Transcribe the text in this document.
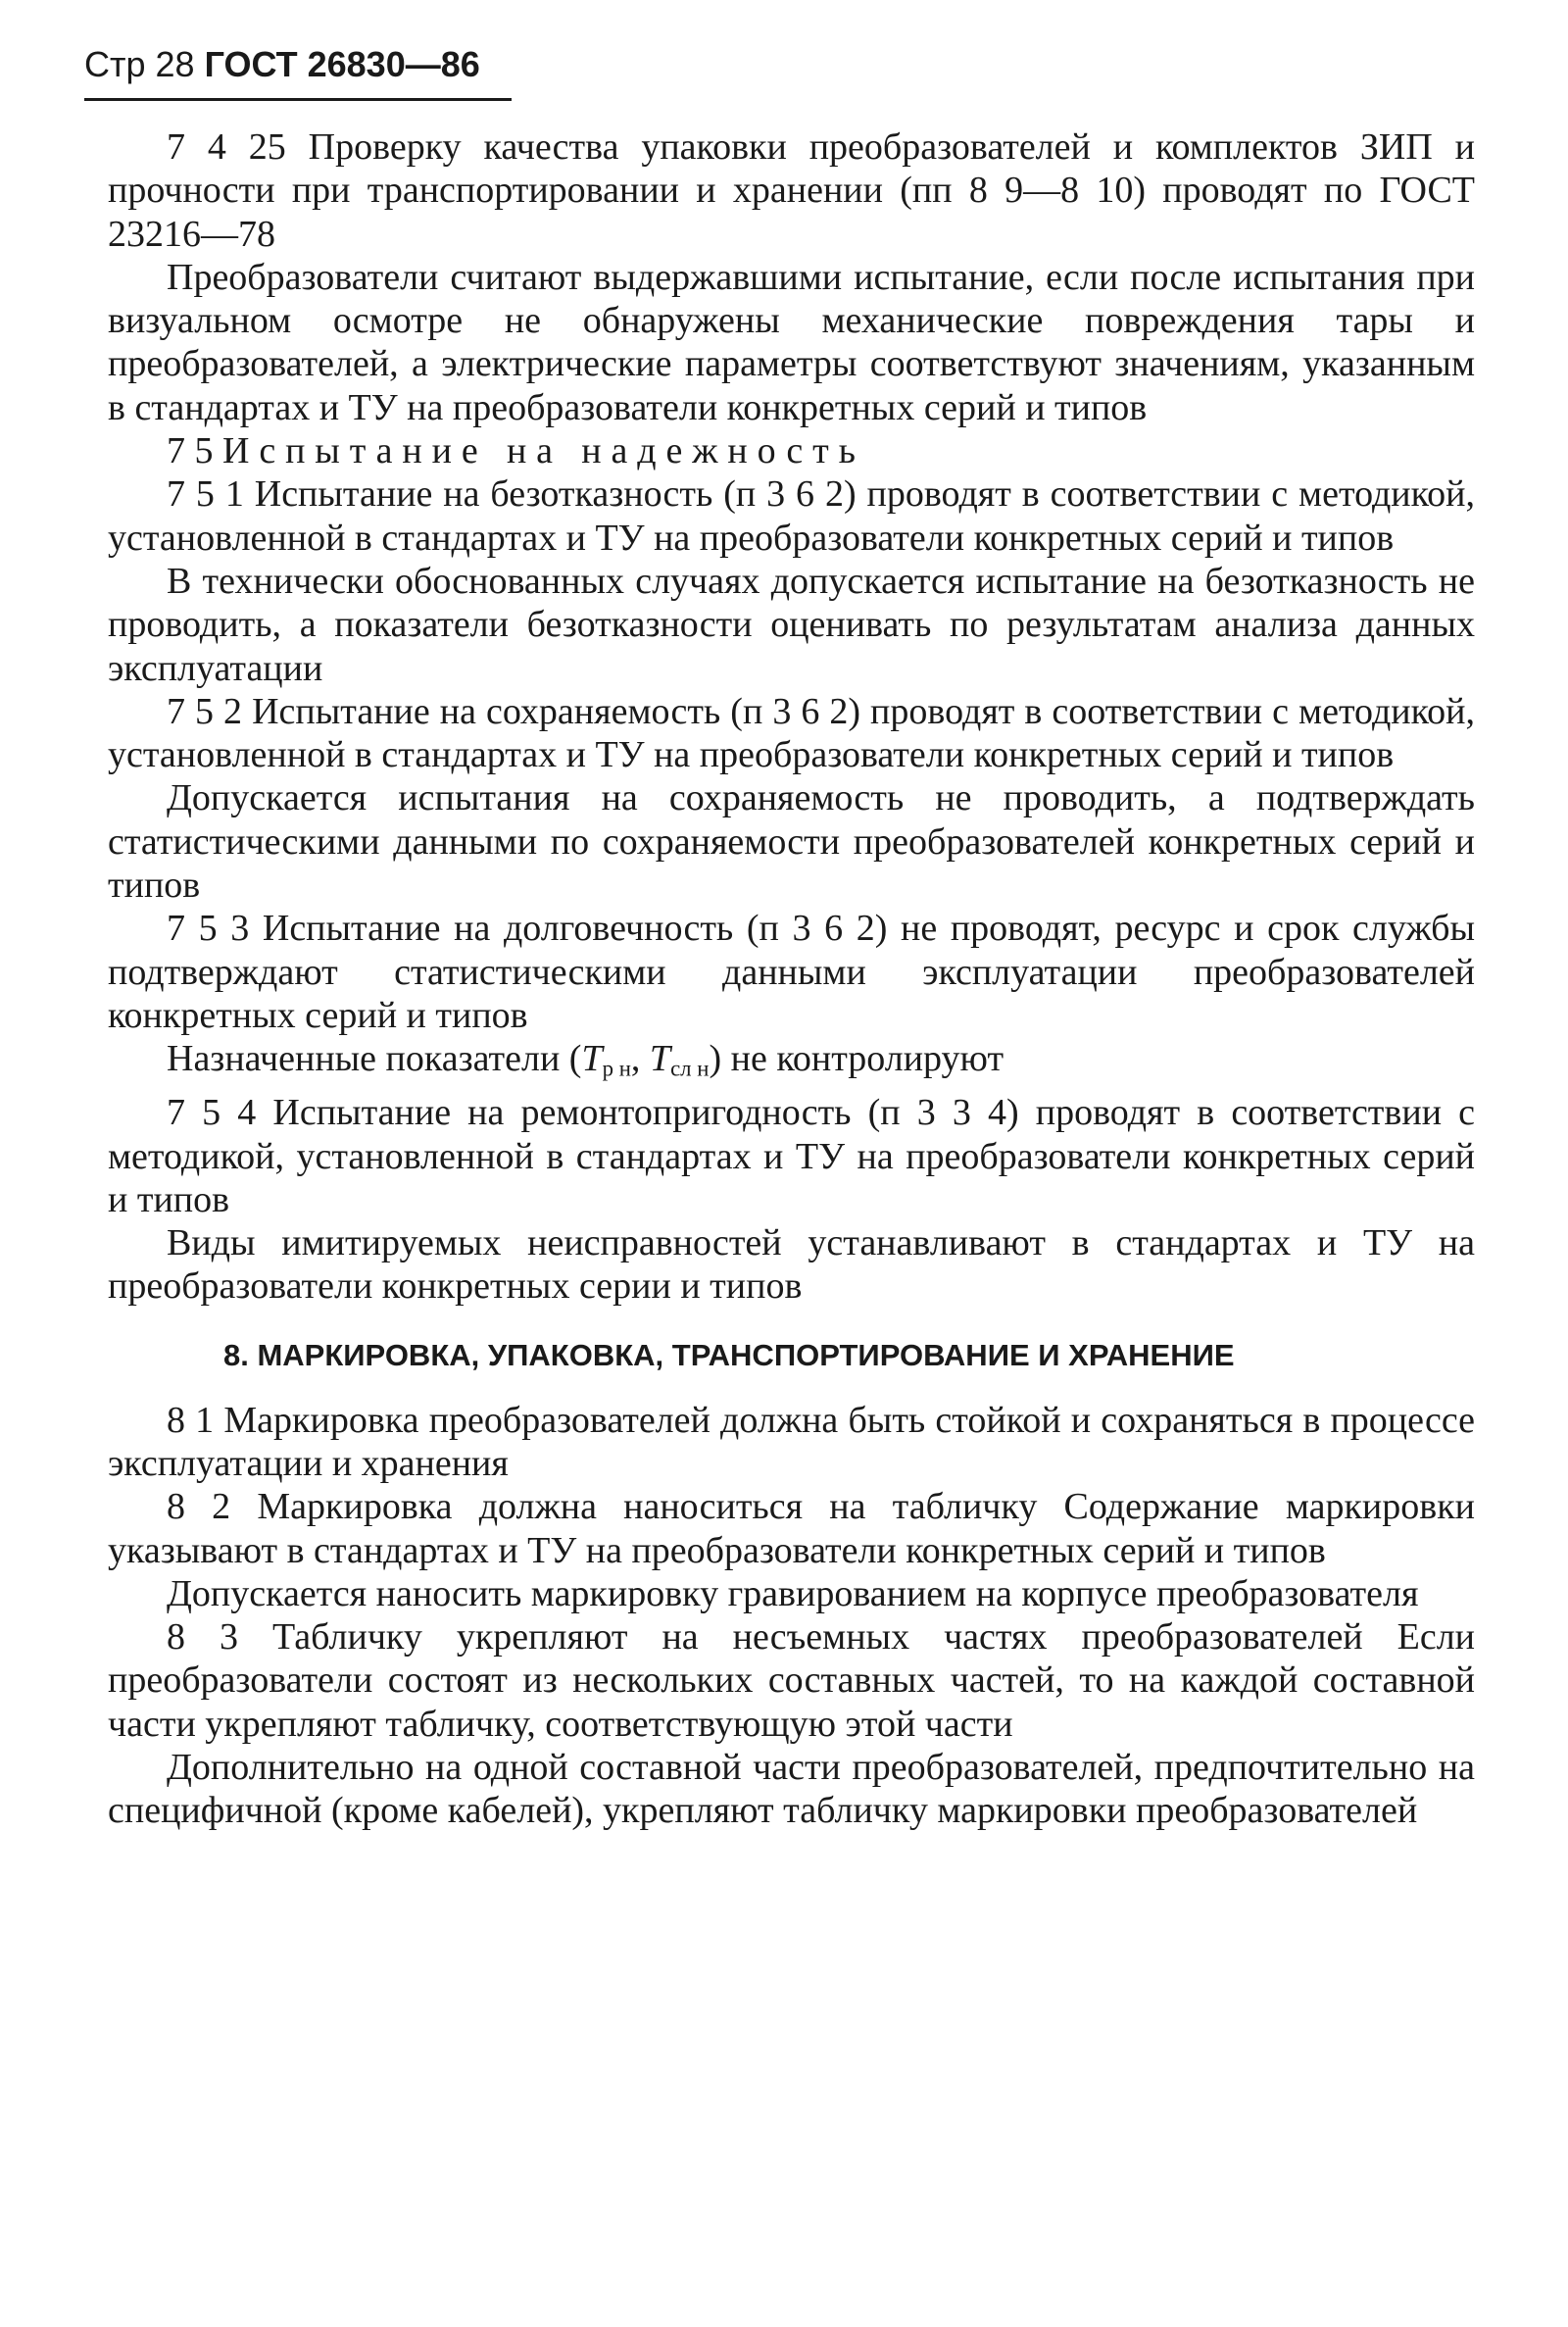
Стр 28 ГОСТ 26830—86

7 4 25 Проверку качества упаковки преобразователей и комплектов ЗИП и прочности при транспортировании и хранении (пп 8 9—8 10) проводят по ГОСТ 23216—78

Преобразователи считают выдержавшими испытание, если после испытания при визуальном осмотре не обнаружены механические повреждения тары и преобразователей, а электрические параметры соответствуют значениям, указанным в стандартах и ТУ на преобразователи конкретных серий и типов

7 5 Испытание на надежность

7 5 1 Испытание на безотказность (п 3 6 2) проводят в соответствии с методикой, установленной в стандартах и ТУ на преобразователи конкретных серий и типов

В технически обоснованных случаях допускается испытание на безотказность не проводить, а показатели безотказности оценивать по результатам анализа данных эксплуатации

7 5 2 Испытание на сохраняемость (п 3 6 2) проводят в соответствии с методикой, установленной в стандартах и ТУ на преобразователи конкретных серий и типов

Допускается испытания на сохраняемость не проводить, а подтверждать статистическими данными по сохраняемости преобразователей конкретных серий и типов

7 5 3 Испытание на долговечность (п 3 6 2) не проводят, ресурс и срок службы подтверждают статистическими данными эксплуатации преобразователей конкретных серий и типов

Назначенные показатели ($T_{р н}$, $T_{сл н}$) не контролируют

7 5 4 Испытание на ремонтопригодность (п 3 3 4) проводят в соответствии с методикой, установленной в стандартах и ТУ на преобразователи конкретных серий и типов

Виды имитируемых неисправностей устанавливают в стандартах и ТУ на преобразователи конкретных серии и типов

8. МАРКИРОВКА, УПАКОВКА, ТРАНСПОРТИРОВАНИЕ И ХРАНЕНИЕ

8 1 Маркировка преобразователей должна быть стойкой и сохраняться в процессе эксплуатации и хранения

8 2 Маркировка должна наноситься на табличку Содержание маркировки указывают в стандартах и ТУ на преобразователи конкретных серий и типов

Допускается наносить маркировку гравированием на корпусе преобразователя

8 3 Табличку укрепляют на несъемных частях преобразователей Если преобразователи состоят из нескольких составных частей, то на каждой составной части укрепляют табличку, соответствующую этой части

Дополнительно на одной составной части преобразователей, предпочтительно на специфичной (кроме кабелей), укрепляют табличку маркировки преобразователей
